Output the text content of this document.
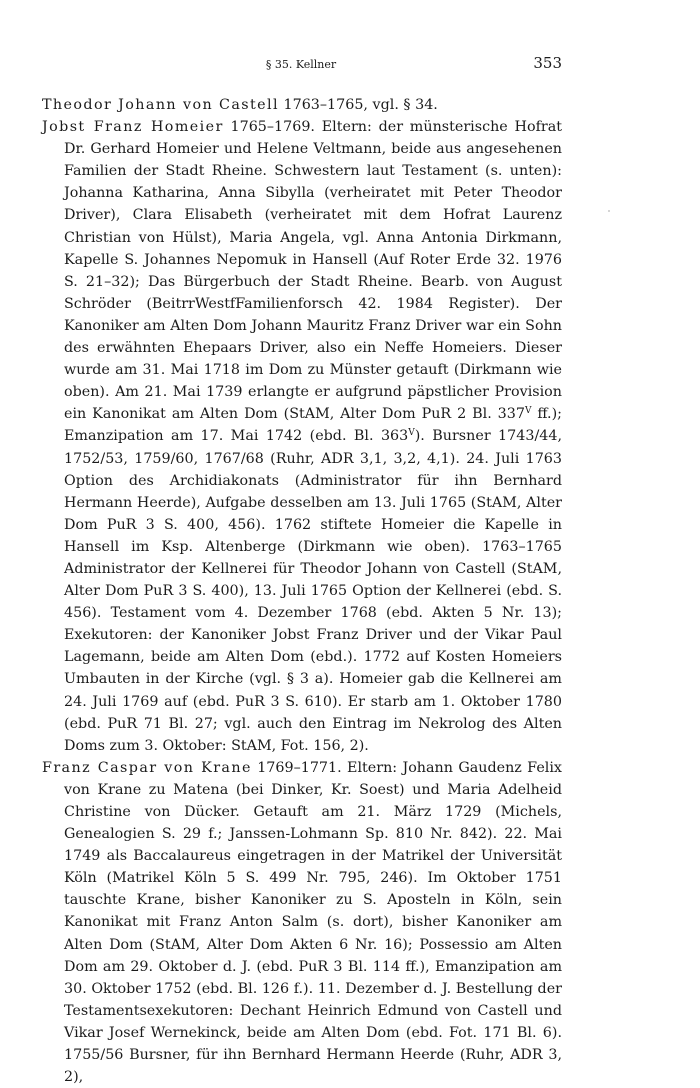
§ 35. Kellner	353

Theodor Johann von Castell 1763–1765, vgl. § 34.

Jobst Franz Homeier 1765–1769. Eltern: der münsterische Hofrat Dr. Gerhard Homeier und Helene Veltmann, beide aus angesehenen Familien der Stadt Rheine. Schwestern laut Testament (s. unten): Johanna Katharina, Anna Sibylla (verheiratet mit Peter Theodor Driver), Clara Elisabeth (verheiratet mit dem Hofrat Laurenz Christian von Hülst), Maria Angela, vgl. Anna Antonia Dirkmann, Kapelle S. Johannes Nepomuk in Hansell (Auf Roter Erde 32. 1976 S. 21–32); Das Bürgerbuch der Stadt Rheine. Bearb. von August Schröder (BeitrrWestfFamilienforsch 42. 1984 Register). Der Kanoniker am Alten Dom Johann Mauritz Franz Driver war ein Sohn des erwähnten Ehepaars Driver, also ein Neffe Homeiers. Dieser wurde am 31. Mai 1718 im Dom zu Münster getauft (Dirkmann wie oben). Am 21. Mai 1739 erlangte er aufgrund päpstlicher Provision ein Kanonikat am Alten Dom (StAM, Alter Dom PuR 2 Bl. $337^V$ ff.); Emanzipation am 17. Mai 1742 (ebd. Bl. $363^V$). Bursner 1743/44, 1752/53, 1759/60, 1767/68 (Ruhr, ADR 3,1, 3,2, 4,1). 24. Juli 1763 Option des Archidiakonats (Administrator für ihn Bernhard Hermann Heerde), Aufgabe desselben am 13. Juli 1765 (StAM, Alter Dom PuR 3 S. 400, 456). 1762 stiftete Homeier die Kapelle in Hansell im Ksp. Altenberge (Dirkmann wie oben). 1763–1765 Administrator der Kellnerei für Theodor Johann von Castell (StAM, Alter Dom PuR 3 S. 400), 13. Juli 1765 Option der Kellnerei (ebd. S. 456). Testament vom 4. Dezember 1768 (ebd. Akten 5 Nr. 13); Exekutoren: der Kanoniker Jobst Franz Driver und der Vikar Paul Lagemann, beide am Alten Dom (ebd.). 1772 auf Kosten Homeiers Umbauten in der Kirche (vgl. § 3 a). Homeier gab die Kellnerei am 24. Juli 1769 auf (ebd. PuR 3 S. 610). Er starb am 1. Oktober 1780 (ebd. PuR 71 Bl. 27; vgl. auch den Eintrag im Nekrolog des Alten Doms zum 3. Oktober: StAM, Fot. 156, 2).

Franz Caspar von Krane 1769–1771. Eltern: Johann Gaudenz Felix von Krane zu Matena (bei Dinker, Kr. Soest) und Maria Adelheid Christine von Dücker. Getauft am 21. März 1729 (Michels, Genealogien S. 29 f.; Janssen-Lohmann Sp. 810 Nr. 842). 22. Mai 1749 als Baccalaureus eingetragen in der Matrikel der Universität Köln (Matrikel Köln 5 S. 499 Nr. 795, 246). Im Oktober 1751 tauschte Krane, bisher Kanoniker zu S. Aposteln in Köln, sein Kanonikat mit Franz Anton Salm (s. dort), bisher Kanoniker am Alten Dom (StAM, Alter Dom Akten 6 Nr. 16); Possessio am Alten Dom am 29. Oktober d. J. (ebd. PuR 3 Bl. 114 ff.), Emanzipation am 30. Oktober 1752 (ebd. Bl. 126 f.). 11. Dezember d. J. Bestellung der Testamentsexekutoren: Dechant Heinrich Edmund von Castell und Vikar Josef Wernekinck, beide am Alten Dom (ebd. Fot. 171 Bl. 6). 1755/56 Bursner, für ihn Bernhard Hermann Heerde (Ruhr, ADR 3, 2),
